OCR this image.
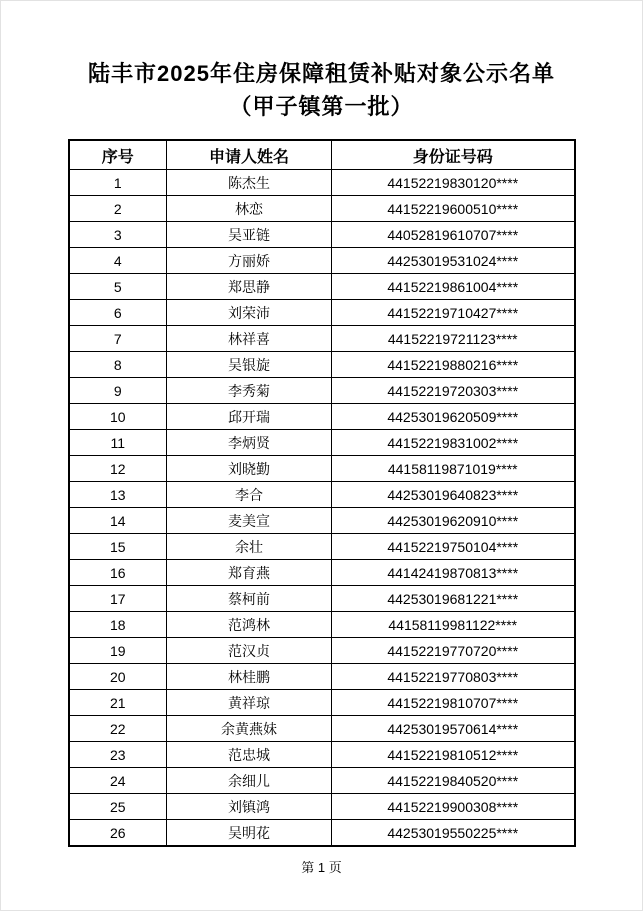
陆丰市2025年住房保障租赁补贴对象公示名单
（甲子镇第一批）
序号	申请人姓名	身份证号码
1	陈杰生	44152219830120****
2	林恋	44152219600510****
3	吴亚链	44052819610707****
4	方丽娇	44253019531024****
5	郑思静	44152219861004****
6	刘荣沛	44152219710427****
7	林祥喜	44152219721123****
8	吴银旋	44152219880216****
9	李秀菊	44152219720303****
10	邱开瑞	44253019620509****
11	李炳贤	44152219831002****
12	刘晓勤	44158119871019****
13	李合	44253019640823****
14	麦美宣	44253019620910****
15	余壮	44152219750104****
16	郑育燕	44142419870813****
17	蔡柯前	44253019681221****
18	范鸿林	44158119981122****
19	范汉贞	44152219770720****
20	林桂鹏	44152219770803****
21	黄祥琼	44152219810707****
22	余黄燕妹	44253019570614****
23	范忠城	44152219810512****
24	余细儿	44152219840520****
25	刘镇鸿	44152219900308****
26	吴明花	44253019550225****
第 1 页
